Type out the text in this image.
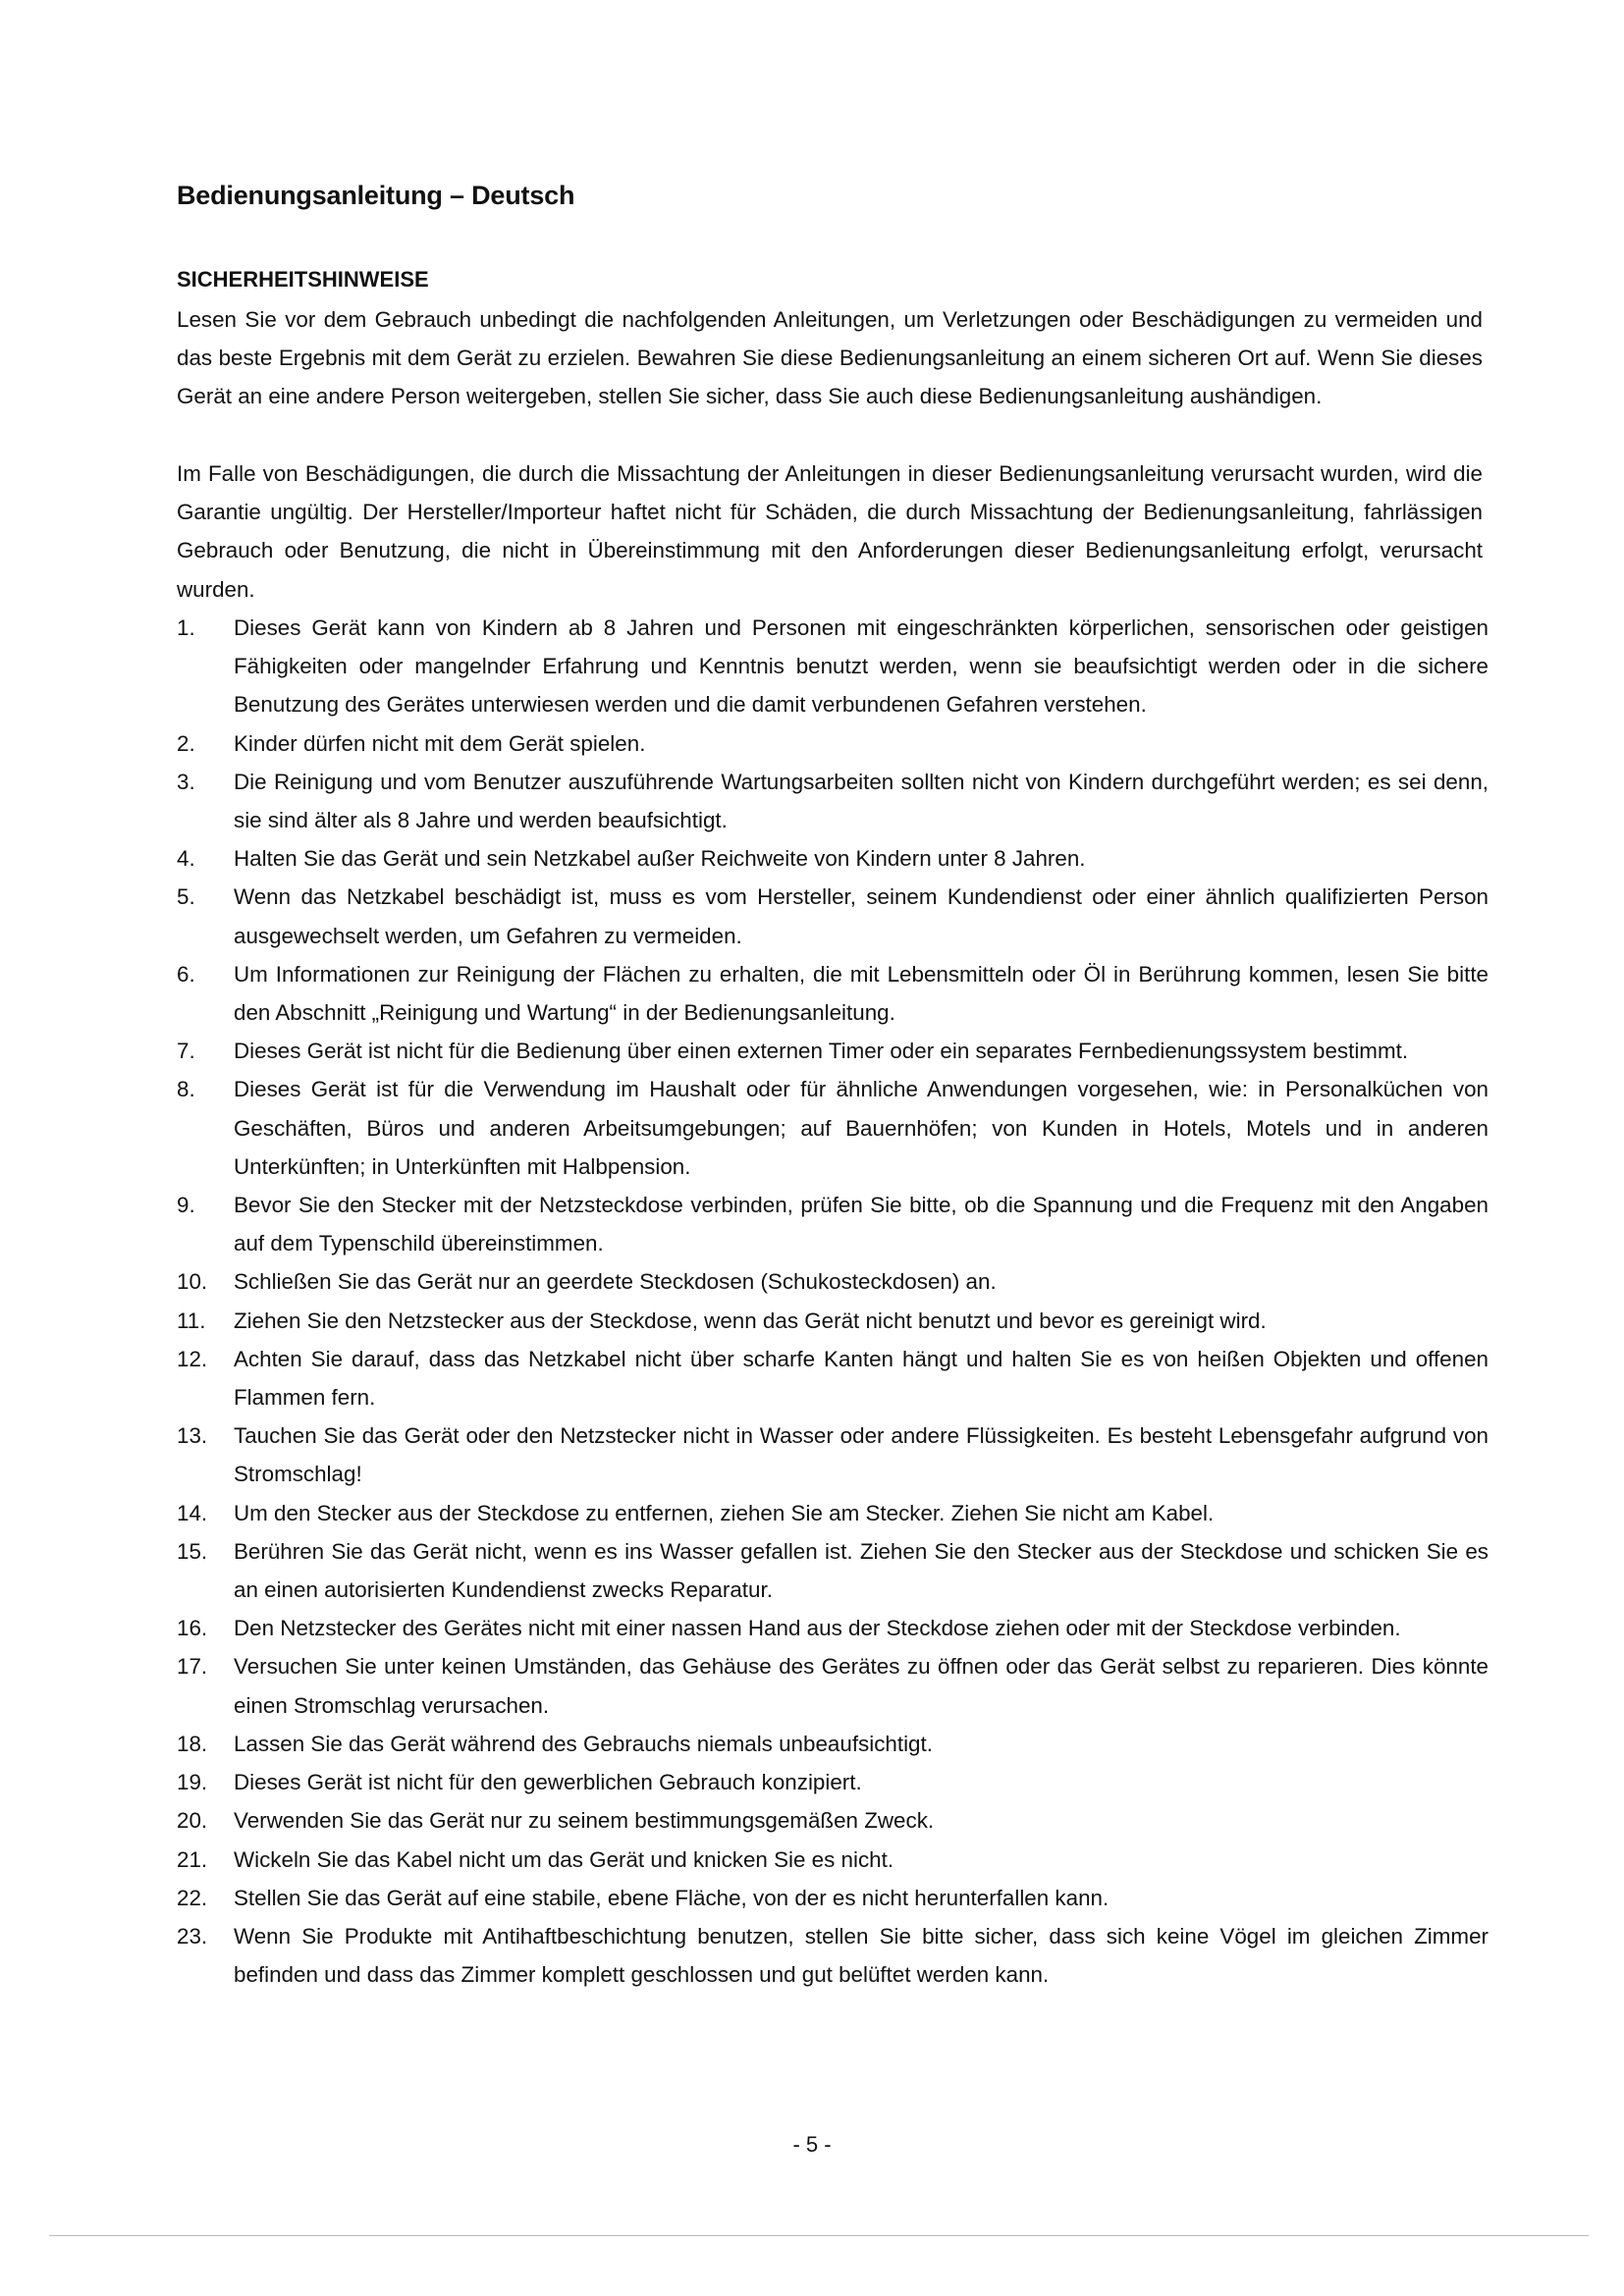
Bedienungsanleitung – Deutsch
SICHERHEITSHINWEISE
Lesen Sie vor dem Gebrauch unbedingt die nachfolgenden Anleitungen, um Verletzungen oder Beschädigungen zu vermeiden und das beste Ergebnis mit dem Gerät zu erzielen. Bewahren Sie diese Bedienungsanleitung an einem sicheren Ort auf. Wenn Sie dieses Gerät an eine andere Person weitergeben, stellen Sie sicher, dass Sie auch diese Bedienungsanleitung aushändigen.
Im Falle von Beschädigungen, die durch die Missachtung der Anleitungen in dieser Bedienungsanleitung verursacht wurden, wird die Garantie ungültig. Der Hersteller/Importeur haftet nicht für Schäden, die durch Missachtung der Bedienungsanleitung, fahrlässigen Gebrauch oder Benutzung, die nicht in Übereinstimmung mit den Anforderungen dieser Bedienungsanleitung erfolgt, verursacht wurden.
1. Dieses Gerät kann von Kindern ab 8 Jahren und Personen mit eingeschränkten körperlichen, sensorischen oder geistigen Fähigkeiten oder mangelnder Erfahrung und Kenntnis benutzt werden, wenn sie beaufsichtigt werden oder in die sichere Benutzung des Gerätes unterwiesen werden und die damit verbundenen Gefahren verstehen.
2. Kinder dürfen nicht mit dem Gerät spielen.
3. Die Reinigung und vom Benutzer auszuführende Wartungsarbeiten sollten nicht von Kindern durchgeführt werden; es sei denn, sie sind älter als 8 Jahre und werden beaufsichtigt.
4. Halten Sie das Gerät und sein Netzkabel außer Reichweite von Kindern unter 8 Jahren.
5. Wenn das Netzkabel beschädigt ist, muss es vom Hersteller, seinem Kundendienst oder einer ähnlich qualifizierten Person ausgewechselt werden, um Gefahren zu vermeiden.
6. Um Informationen zur Reinigung der Flächen zu erhalten, die mit Lebensmitteln oder Öl in Berührung kommen, lesen Sie bitte den Abschnitt „Reinigung und Wartung“ in der Bedienungsanleitung.
7. Dieses Gerät ist nicht für die Bedienung über einen externen Timer oder ein separates Fernbedienungssystem bestimmt.
8. Dieses Gerät ist für die Verwendung im Haushalt oder für ähnliche Anwendungen vorgesehen, wie: in Personalküchen von Geschäften, Büros und anderen Arbeitsumgebungen; auf Bauernhöfen; von Kunden in Hotels, Motels und in anderen Unterkünften; in Unterkünften mit Halbpension.
9. Bevor Sie den Stecker mit der Netzsteckdose verbinden, prüfen Sie bitte, ob die Spannung und die Frequenz mit den Angaben auf dem Typenschild übereinstimmen.
10. Schließen Sie das Gerät nur an geerdete Steckdosen (Schukosteckdosen) an.
11. Ziehen Sie den Netzstecker aus der Steckdose, wenn das Gerät nicht benutzt und bevor es gereinigt wird.
12. Achten Sie darauf, dass das Netzkabel nicht über scharfe Kanten hängt und halten Sie es von heißen Objekten und offenen Flammen fern.
13. Tauchen Sie das Gerät oder den Netzstecker nicht in Wasser oder andere Flüssigkeiten. Es besteht Lebensgefahr aufgrund von Stromschlag!
14. Um den Stecker aus der Steckdose zu entfernen, ziehen Sie am Stecker. Ziehen Sie nicht am Kabel.
15. Berühren Sie das Gerät nicht, wenn es ins Wasser gefallen ist. Ziehen Sie den Stecker aus der Steckdose und schicken Sie es an einen autorisierten Kundendienst zwecks Reparatur.
16. Den Netzstecker des Gerätes nicht mit einer nassen Hand aus der Steckdose ziehen oder mit der Steckdose verbinden.
17. Versuchen Sie unter keinen Umständen, das Gehäuse des Gerätes zu öffnen oder das Gerät selbst zu reparieren. Dies könnte einen Stromschlag verursachen.
18. Lassen Sie das Gerät während des Gebrauchs niemals unbeaufsichtigt.
19. Dieses Gerät ist nicht für den gewerblichen Gebrauch konzipiert.
20. Verwenden Sie das Gerät nur zu seinem bestimmungsgemäßen Zweck.
21. Wickeln Sie das Kabel nicht um das Gerät und knicken Sie es nicht.
22. Stellen Sie das Gerät auf eine stabile, ebene Fläche, von der es nicht herunterfallen kann.
23. Wenn Sie Produkte mit Antihaftbeschichtung benutzen, stellen Sie bitte sicher, dass sich keine Vögel im gleichen Zimmer befinden und dass das Zimmer komplett geschlossen und gut belüftet werden kann.
- 5 -
